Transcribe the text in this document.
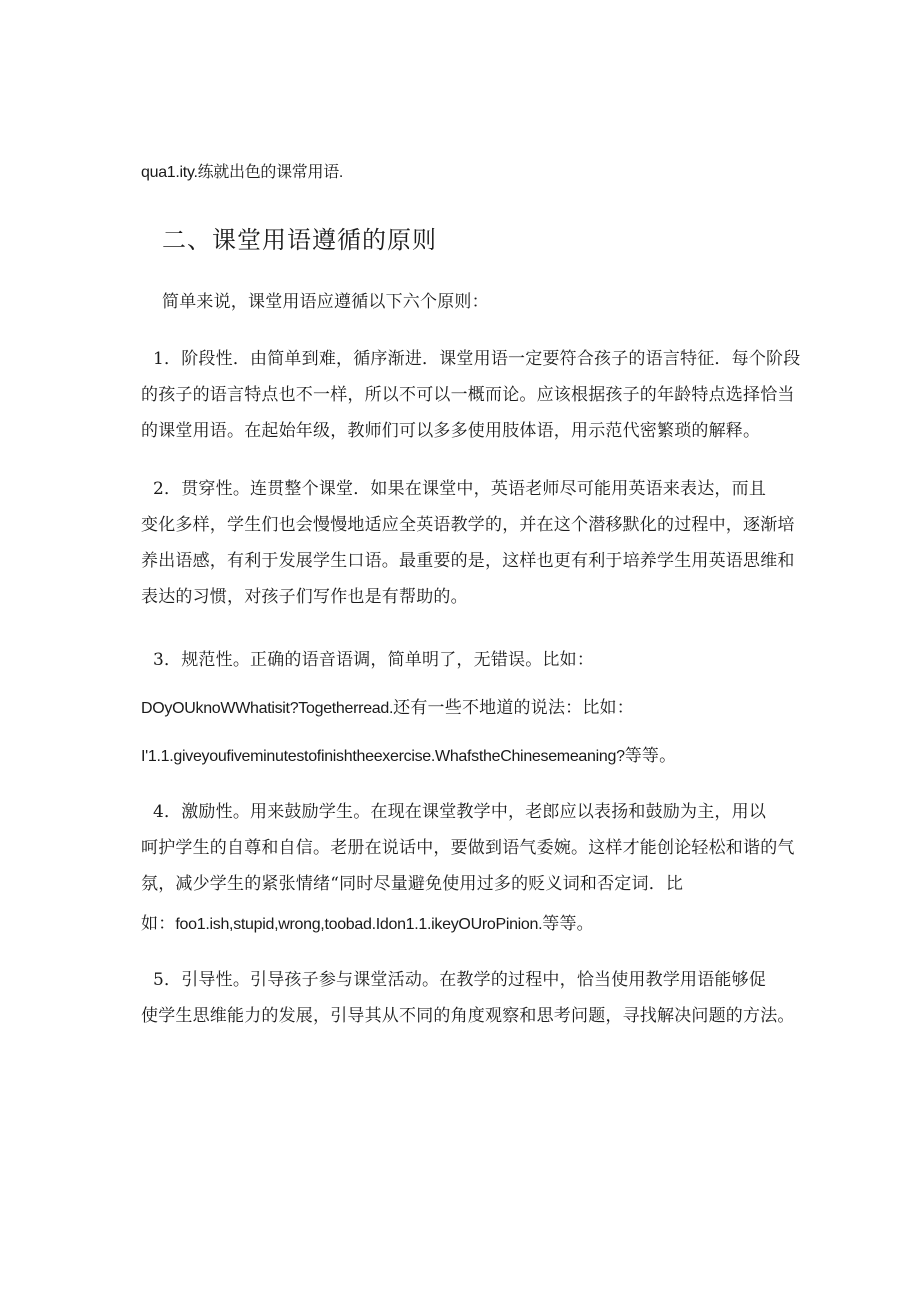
qua1.ity.练就出色的课常用语.
二、课堂用语遵循的原则
简单来说，课堂用语应遵循以下六个原则：
1．阶段性．由简单到难，循序渐进．课堂用语一定要符合孩子的语言特征．每个阶段
的孩子的语言特点也不一样，所以不可以一概而论。应该根据孩子的年龄特点选择恰当
的课堂用语。在起始年级，教师们可以多多使用肢体语，用示范代密繁琐的解释。
2．贯穿性。连贯整个课堂．如果在课堂中，英语老师尽可能用英语来表达，而且
变化多样，学生们也会慢慢地适应全英语教学的，并在这个潜移默化的过程中，逐渐培
养出语感，有利于发展学生口语。最重要的是，这样也更有利于培养学生用英语思维和
表达的习惯，对孩子们写作也是有帮助的。
3．规范性。正确的语音语调，简单明了，无错误。比如：
DOyOUknoWWhatisit?Togetherread.还有一些不地道的说法：比如：
I'1.1.giveyoufiveminutestofinishtheexercise.WhafstheChinesemeaning?等等。
4．激励性。用来鼓励学生。在现在课堂教学中，老郎应以表扬和鼓励为主，用以
呵护学生的自尊和自信。老册在说话中，要做到语气委婉。这样才能创论轻松和谐的气
氛，减少学生的紧张情绪“同时尽量避免使用过多的贬义词和否定词．比
如：foo1.ish,stupid,wrong,toobad.Idon1.1.ikeyOUroPinion.等等。
5．引导性。引导孩子参与课堂活动。在教学的过程中，恰当使用教学用语能够促
使学生思维能力的发展，引导其从不同的角度观察和思考问题，寻找解决问题的方法。
